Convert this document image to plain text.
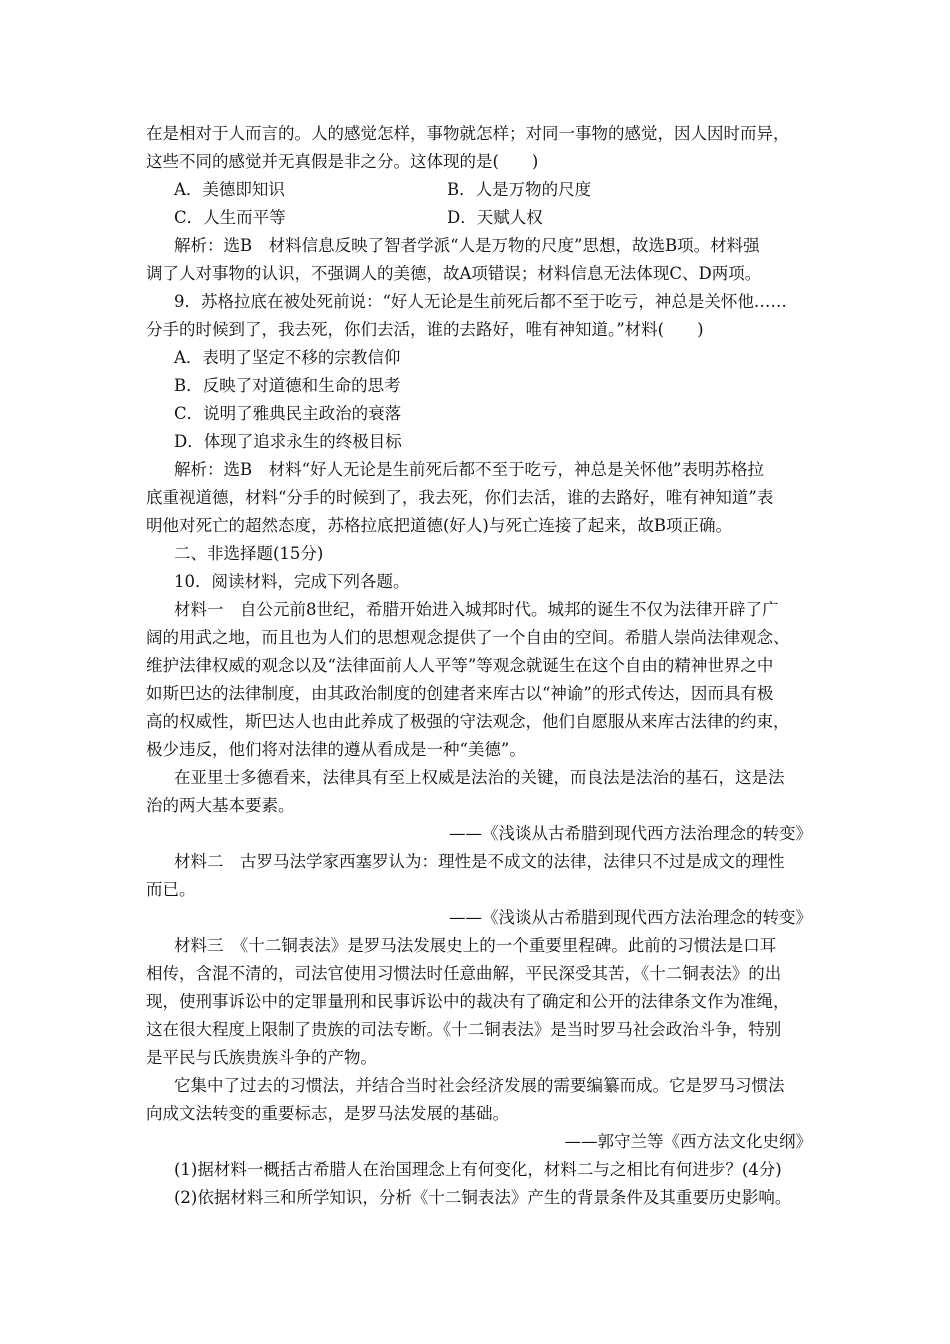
在是相对于人而言的。人的感觉怎样，事物就怎样；对同一事物的感觉，因人因时而异，
这些不同的感觉并无真假是非之分。这体现的是(　　)
A．美德即知识	B．人是万物的尺度
C．人生而平等	D．天赋人权
解析：选B　材料信息反映了智者学派“人是万物的尺度”思想，故选B项。材料强
调了人对事物的认识，不强调人的美德，故A项错误；材料信息无法体现C、D两项。
9．苏格拉底在被处死前说：“好人无论是生前死后都不至于吃亏，神总是关怀他……
分手的时候到了，我去死，你们去活，谁的去路好，唯有神知道。”材料(　　)
A．表明了坚定不移的宗教信仰
B．反映了对道德和生命的思考
C．说明了雅典民主政治的衰落
D．体现了追求永生的终极目标
解析：选B　材料“好人无论是生前死后都不至于吃亏，神总是关怀他”表明苏格拉
底重视道德，材料“分手的时候到了，我去死，你们去活，谁的去路好，唯有神知道”表
明他对死亡的超然态度，苏格拉底把道德(好人)与死亡连接了起来，故B项正确。
二、非选择题(15分)
10．阅读材料，完成下列各题。
材料一　自公元前8世纪，希腊开始进入城邦时代。城邦的诞生不仅为法律开辟了广
阔的用武之地，而且也为人们的思想观念提供了一个自由的空间。希腊人崇尚法律观念、
维护法律权威的观念以及“法律面前人人平等”等观念就诞生在这个自由的精神世界之中
如斯巴达的法律制度，由其政治制度的创建者来库古以“神谕”的形式传达，因而具有极
高的权威性，斯巴达人也由此养成了极强的守法观念，他们自愿服从来库古法律的约束，
极少违反，他们将对法律的遵从看成是一种“美德”。
在亚里士多德看来，法律具有至上权威是法治的关键，而良法是法治的基石，这是法
治的两大基本要素。
——《浅谈从古希腊到现代西方法治理念的转变》
材料二　古罗马法学家西塞罗认为：理性是不成文的法律，法律只不过是成文的理性
而已。
——《浅谈从古希腊到现代西方法治理念的转变》
材料三　《十二铜表法》是罗马法发展史上的一个重要里程碑。此前的习惯法是口耳
相传，含混不清的，司法官使用习惯法时任意曲解，平民深受其苦，《十二铜表法》的出
现，使刑事诉讼中的定罪量刑和民事诉讼中的裁决有了确定和公开的法律条文作为准绳，
这在很大程度上限制了贵族的司法专断。《十二铜表法》是当时罗马社会政治斗争，特别
是平民与氏族贵族斗争的产物。
它集中了过去的习惯法，并结合当时社会经济发展的需要编纂而成。它是罗马习惯法
向成文法转变的重要标志，是罗马法发展的基础。
——郭守兰等《西方法文化史纲》
(1)据材料一概括古希腊人在治国理念上有何变化，材料二与之相比有何进步？(4分)
(2)依据材料三和所学知识，分析《十二铜表法》产生的背景条件及其重要历史影响。
